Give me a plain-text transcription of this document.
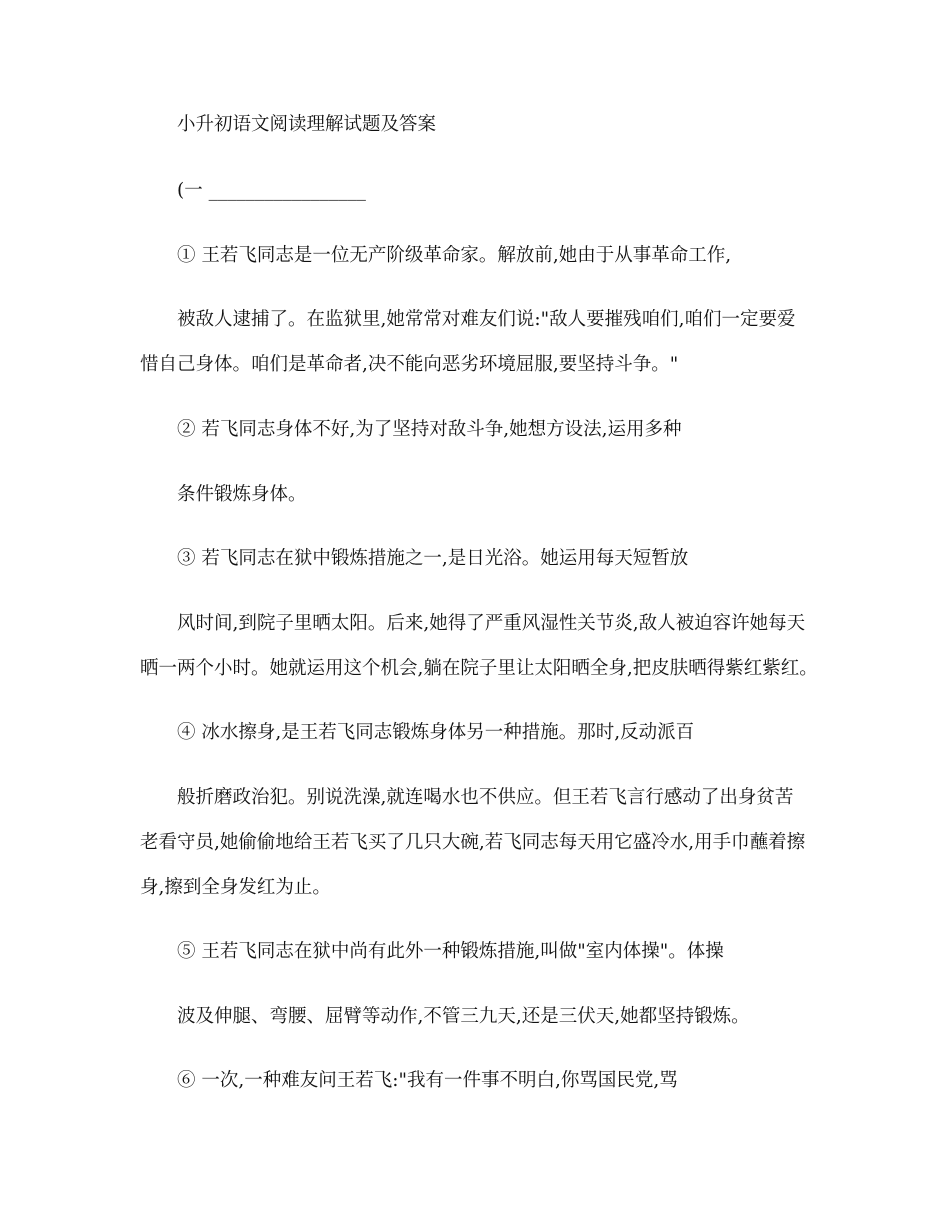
小升初语文阅读理解试题及答案
(一 _________________
① 王若飞同志是一位无产阶级革命家。解放前,她由于从事革命工作,
被敌人逮捕了。在监狱里,她常常对难友们说:"敌人要摧残咱们,咱们一定要爱
惜自己身体。咱们是革命者,决不能向恶劣环境屈服,要坚持斗争。"
② 若飞同志身体不好,为了坚持对敌斗争,她想方设法,运用多种
条件锻炼身体。
③ 若飞同志在狱中锻炼措施之一,是日光浴。她运用每天短暂放
风时间,到院子里晒太阳。后来,她得了严重风湿性关节炎,敌人被迫容许她每天
晒一两个小时。她就运用这个机会,躺在院子里让太阳晒全身,把皮肤晒得紫红紫红。
④ 冰水擦身,是王若飞同志锻炼身体另一种措施。那时,反动派百
般折磨政治犯。别说洗澡,就连喝水也不供应。但王若飞言行感动了出身贫苦
老看守员,她偷偷地给王若飞买了几只大碗,若飞同志每天用它盛冷水,用手巾蘸着擦
身,擦到全身发红为止。
⑤ 王若飞同志在狱中尚有此外一种锻炼措施,叫做"室内体操"。体操
波及伸腿、弯腰、屈臂等动作,不管三九天,还是三伏天,她都坚持锻炼。
⑥ 一次,一种难友问王若飞:"我有一件事不明白,你骂国民党,骂
